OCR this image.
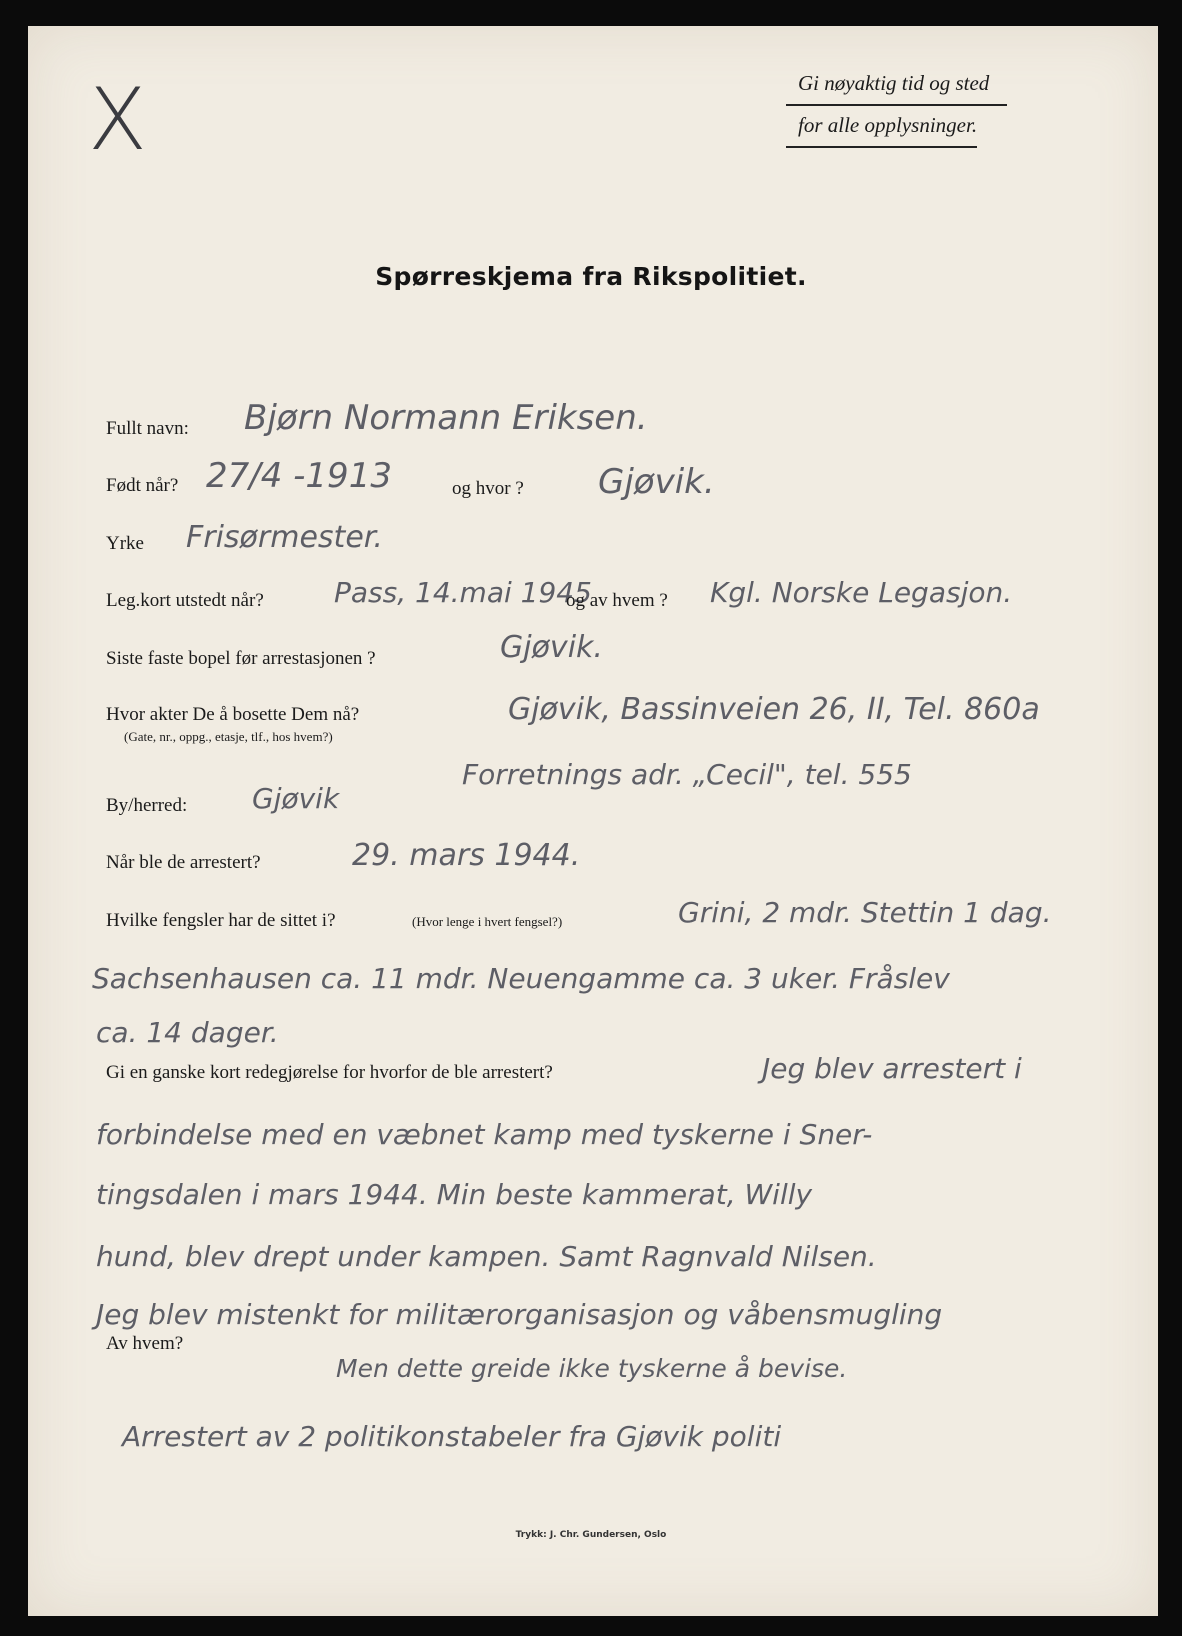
X	Gi nøyaktig tid og sted
for alle opplysninger.
Spørreskjema fra Rikspolitiet.
Fullt navn: Bjørn Normann Eriksen.
Født når? 27/4 -1913	og hvor ? Gjøvik.
Yrke Frisørmester.
Leg.kort utstedt når?	Pass, 14.mai 1945
og av hvem ? Kgl. Norske Legasjon.
Siste faste bopel før arrestasjonen ?	Gjøvik.
Hvor akter De å bosette Dem nå?
(Gate, nr., oppg., etasje, tlf., hos hvem?)
Gjøvik, Bassinveien 26, II, Tel. 860a
Forretnings adr. „Cecil", tel. 555
By/herred: Gjøvik
Når ble de arrestert?	29. mars 1944.
Hvilke fengsler har de sittet i?	(Hvor lenge i hvert fengsel?)	Grini, 2 mdr. Stettin 1 dag.
Sachsenhausen ca. 11 mdr. Neuengamme ca. 3 uker. Fråslev
ca. 14 dager.
Gi en ganske kort redegjørelse for hvorfor de ble arrestert?	Jeg blev arrestert i
forbindelse med en væbnet kamp med tyskerne i Sner-
tingsdalen i mars 1944. Min beste kammerat, Willy
hund, blev drept under kampen. Samt Ragnvald Nilsen.
Jeg blev mistenkt for militærorganisasjon og våbensmugling
Av hvem?
Men dette greide ikke tyskerne å bevise.
Arrestert av 2 politikonstabeler fra Gjøvik politi
Trykk: J. Chr. Gundersen, Oslo
